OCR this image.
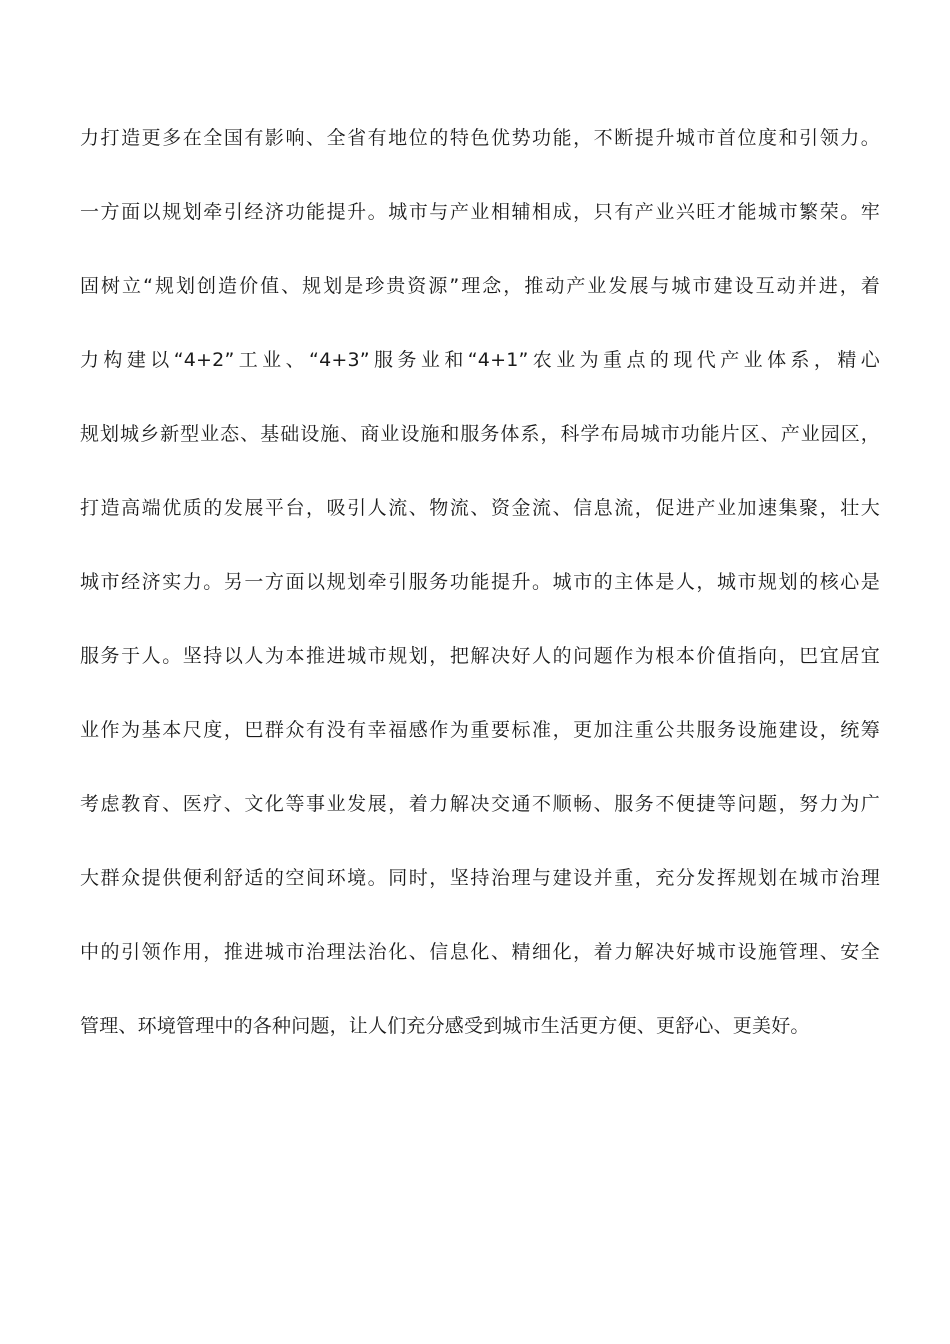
力打造更多在全国有影响、全省有地位的特色优势功能，不断提升城市首位度和引领力。
一方面以规划牵引经济功能提升。城市与产业相辅相成，只有产业兴旺才能城市繁荣。牢
固树立“规划创造价值、规划是珍贵资源”理念，推动产业发展与城市建设互动并进，着
力构建以“4+2”工业、“4+3”服务业和“4+1”农业为重点的现代产业体系，精心
规划城乡新型业态、基础设施、商业设施和服务体系，科学布局城市功能片区、产业园区，
打造高端优质的发展平台，吸引人流、物流、资金流、信息流，促进产业加速集聚，壮大
城市经济实力。另一方面以规划牵引服务功能提升。城市的主体是人，城市规划的核心是
服务于人。坚持以人为本推进城市规划，把解决好人的问题作为根本价值指向，巴宜居宜
业作为基本尺度，巴群众有没有幸福感作为重要标准，更加注重公共服务设施建设，统筹
考虑教育、医疗、文化等事业发展，着力解决交通不顺畅、服务不便捷等问题，努力为广
大群众提供便利舒适的空间环境。同时，坚持治理与建设并重，充分发挥规划在城市治理
中的引领作用，推进城市治理法治化、信息化、精细化，着力解决好城市设施管理、安全
管理、环境管理中的各种问题，让人们充分感受到城市生活更方便、更舒心、更美好。
